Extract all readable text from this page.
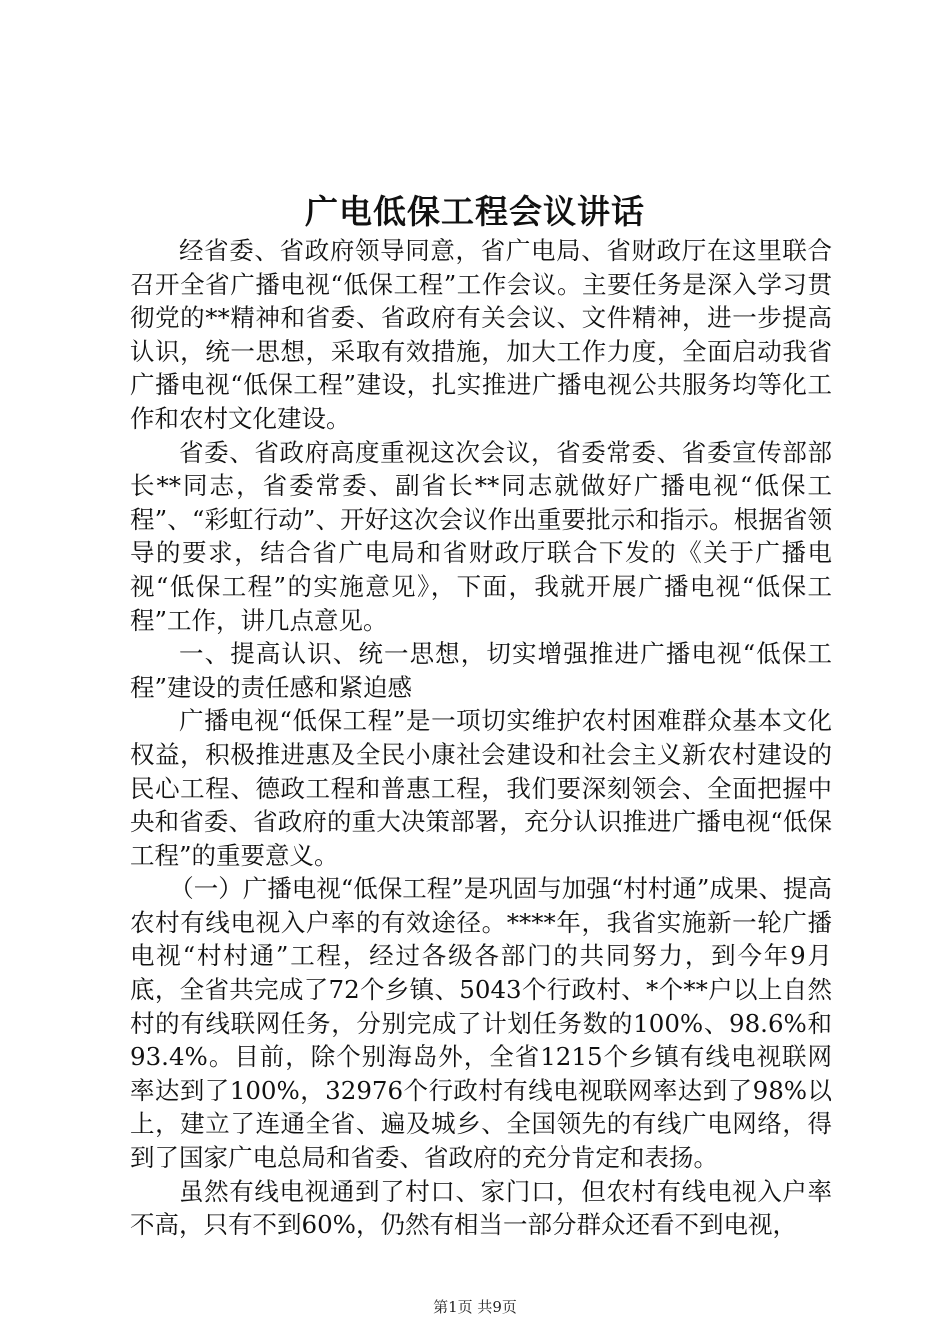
广电低保工程会议讲话

经省委、省政府领导同意，省广电局、省财政厅在这里联合召开全省广播电视“低保工程”工作会议。主要任务是深入学习贯彻党的**精神和省委、省政府有关会议、文件精神，进一步提高认识，统一思想，采取有效措施，加大工作力度，全面启动我省广播电视“低保工程”建设，扎实推进广播电视公共服务均等化工作和农村文化建设。

省委、省政府高度重视这次会议，省委常委、省委宣传部部长**同志，省委常委、副省长**同志就做好广播电视“低保工程”、“彩虹行动”、开好这次会议作出重要批示和指示。根据省领导的要求，结合省广电局和省财政厅联合下发的《关于广播电视“低保工程”的实施意见》，下面，我就开展广播电视“低保工程”工作，讲几点意见。

一、提高认识、统一思想，切实增强推进广播电视“低保工程”建设的责任感和紧迫感

广播电视“低保工程”是一项切实维护农村困难群众基本文化权益，积极推进惠及全民小康社会建设和社会主义新农村建设的民心工程、德政工程和普惠工程，我们要深刻领会、全面把握中央和省委、省政府的重大决策部署，充分认识推进广播电视“低保工程”的重要意义。

（一）广播电视“低保工程”是巩固与加强“村村通”成果、提高农村有线电视入户率的有效途径。****年，我省实施新一轮广播电视“村村通”工程，经过各级各部门的共同努力，到今年9月底，全省共完成了72个乡镇、5043个行政村、*个**户以上自然村的有线联网任务，分别完成了计划任务数的100%、98.6%和93.4%。目前，除个别海岛外，全省1215个乡镇有线电视联网率达到了100%，32976个行政村有线电视联网率达到了98%以上，建立了连通全省、遍及城乡、全国领先的有线广电网络，得到了国家广电总局和省委、省政府的充分肯定和表扬。

虽然有线电视通到了村口、家门口，但农村有线电视入户率不高，只有不到60%，仍然有相当一部分群众还看不到电视，

第1页 共9页
